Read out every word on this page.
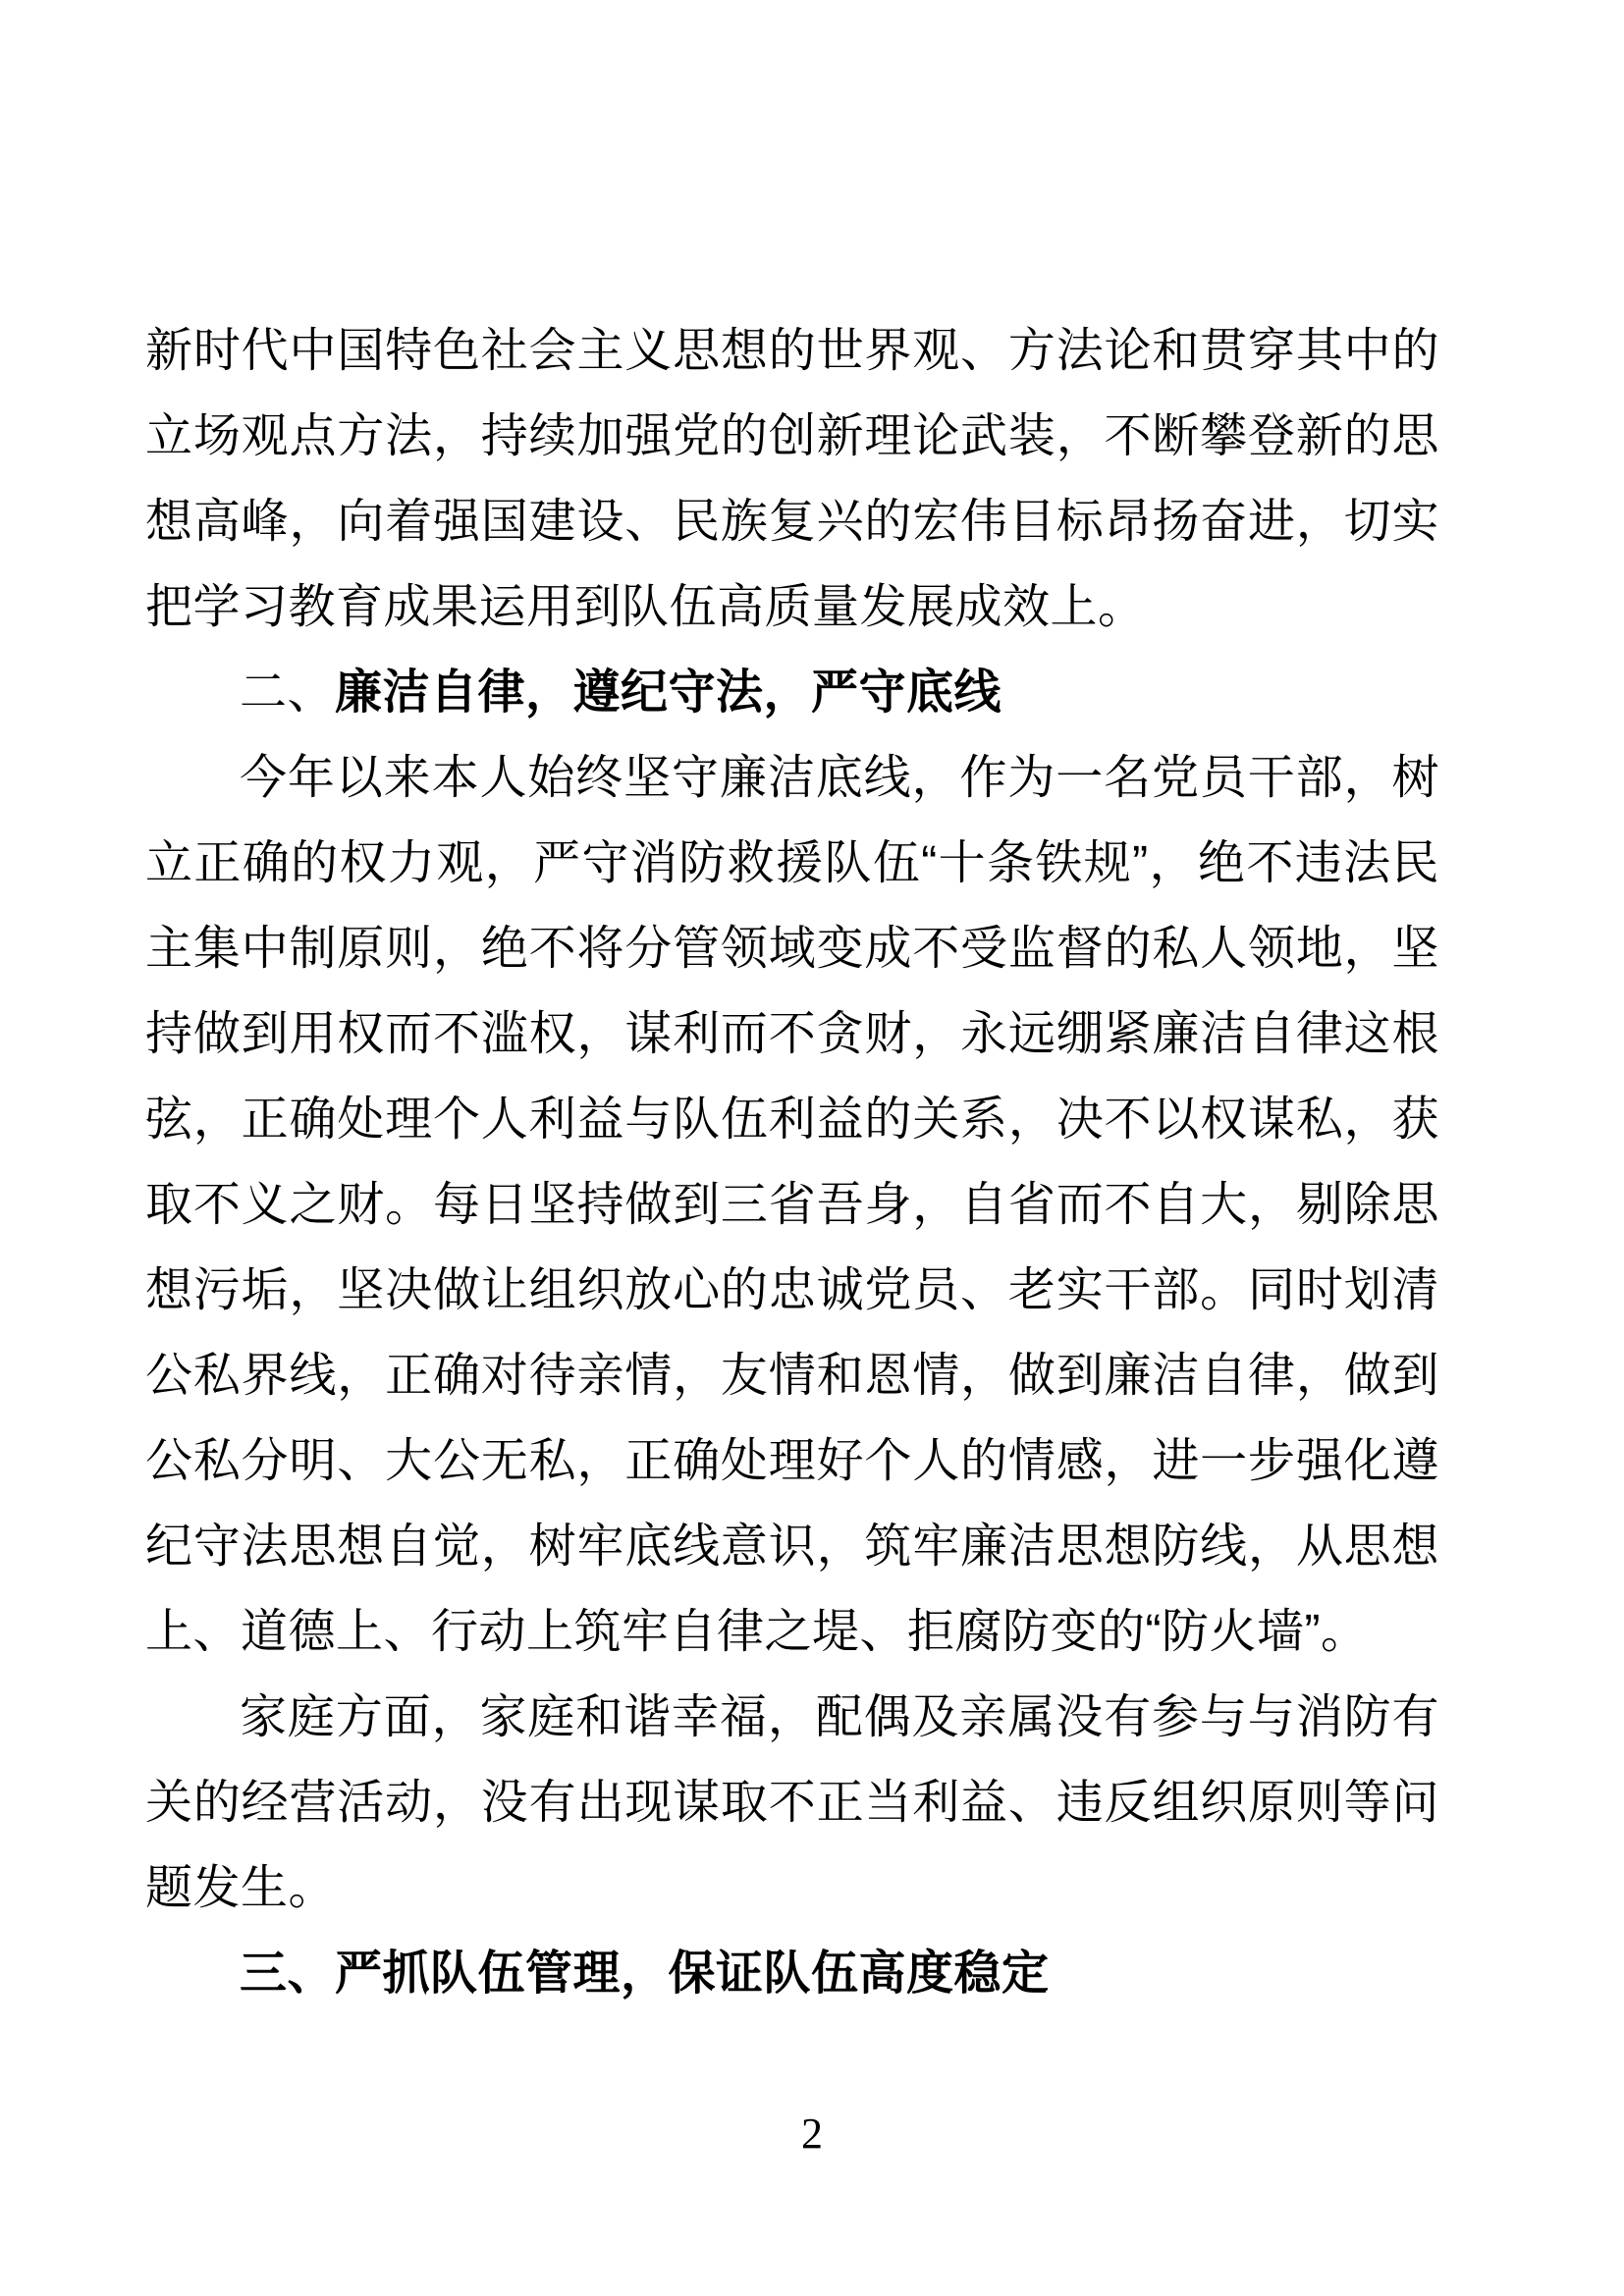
新时代中国特色社会主义思想的世界观、方法论和贯穿其中的立场观点方法，持续加强党的创新理论武装，不断攀登新的思想高峰，向着强国建设、民族复兴的宏伟目标昂扬奋进，切实把学习教育成果运用到队伍高质量发展成效上。

二、廉洁自律，遵纪守法，严守底线

今年以来本人始终坚守廉洁底线，作为一名党员干部，树立正确的权力观，严守消防救援队伍“十条铁规”，绝不违法民主集中制原则，绝不将分管领域变成不受监督的私人领地，坚持做到用权而不滥权，谋利而不贪财，永远绷紧廉洁自律这根弦，正确处理个人利益与队伍利益的关系，决不以权谋私，获取不义之财。每日坚持做到三省吾身，自省而不自大，剔除思想污垢，坚决做让组织放心的忠诚党员、老实干部。同时划清公私界线，正确对待亲情，友情和恩情，做到廉洁自律，做到公私分明、大公无私，正确处理好个人的情感，进一步强化遵纪守法思想自觉，树牢底线意识，筑牢廉洁思想防线，从思想上、道德上、行动上筑牢自律之堤、拒腐防变的“防火墙”。

家庭方面，家庭和谐幸福，配偶及亲属没有参与与消防有关的经营活动，没有出现谋取不正当利益、违反组织原则等问题发生。

三、严抓队伍管理，保证队伍高度稳定

2
